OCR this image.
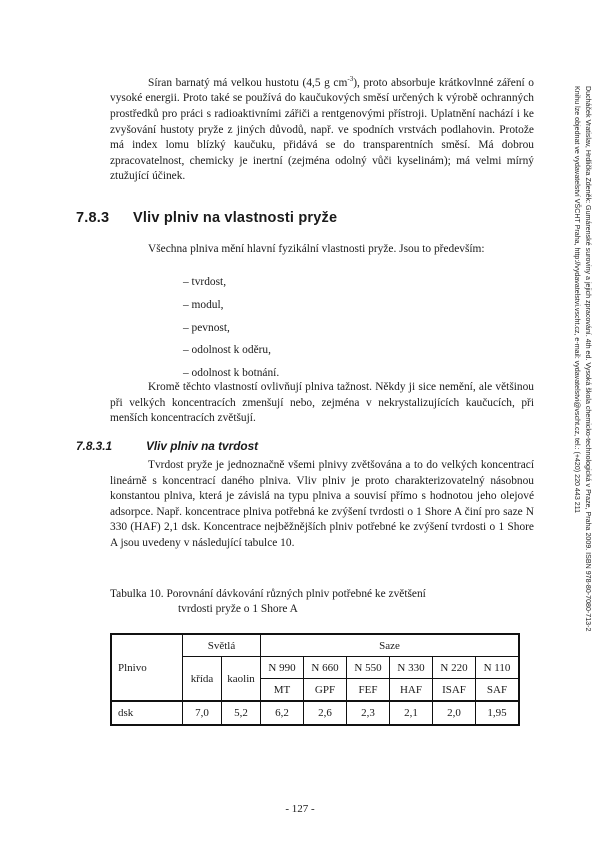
Síran barnatý má velkou hustotu (4,5 g $cm^{-3}$), proto absorbuje krátkovlnné záření o vysoké energii. Proto také se používá do kaučukových směsí určených k výrobě ochranných prostředků pro práci s radioaktivními zářiči a rentgenovými přístroji. Uplatnění nachází i ke zvyšování hustoty pryže z jiných důvodů, např. ve spodních vrstvách podlahovin. Protože má index lomu blízký kaučuku, přidává se do transparentních směsí. Má dobrou zpracovatelnost, chemicky je inertní (zejména odolný vůči kyselinám); má velmi mírný ztužující účinek.
7.8.3 Vliv plniv na vlastnosti pryže
Všechna plniva mění hlavní fyzikální vlastnosti pryže. Jsou to především:
– tvrdost,
– modul,
– pevnost,
– odolnost k oděru,
– odolnost k botnání.
Kromě těchto vlastností ovlivňují plniva tažnost. Někdy ji sice nemění, ale většinou při velkých koncentracích zmenšují nebo, zejména v nekrystalizujících kaučucích, při menších koncentracích zvětšují.
7.8.3.1	Vliv plniv na tvrdost
Tvrdost pryže je jednoznačně všemi plnivy zvětšována a to do velkých koncentrací lineárně s koncentrací daného plniva. Vliv plniv je proto charakterizovatelný násobnou konstantou plniva, která je závislá na typu plniva a souvisí přímo s hodnotou jeho olejové adsorpce. Např. koncentrace plniva potřebná ke zvýšení tvrdosti o 1 Shore A činí pro saze N 330 (HAF) 2,1 dsk. Koncentrace nejběžnějších plniv potřebné ke zvýšení tvrdosti o 1 Shore A jsou uvedeny v následující tabulce 10.
Tabulka 10. Porovnání dávkování různých plniv potřebné ke zvětšení
tvrdosti pryže o 1 Shore A
Plnivo	Světlá		Saze					
	křída	kaolin	N 990	N 660	N 550	N 330	N 220	N 110
			MT	GPF	FEF	HAF	ISAF	SAF
dsk	7,0	5,2	6,2	2,6	2,3	2,1	2,0	1,95
- 127 -
Ducháček Vratislav, Hrdlička Zdeněk: Gumárenské suroviny a jejich zpracování. 4th ed. Vysoká škola chemicko-technologická v Praze, Praha 2009. ISBN 978-80-7080-713-2
Knihu lze objednat ve vydavatelství VŠCHT Praha, http://vydavatelstvi.vscht.cz, e-mail: vydavatelstvi@vscht.cz, tel.: (+420) 220 443 211
